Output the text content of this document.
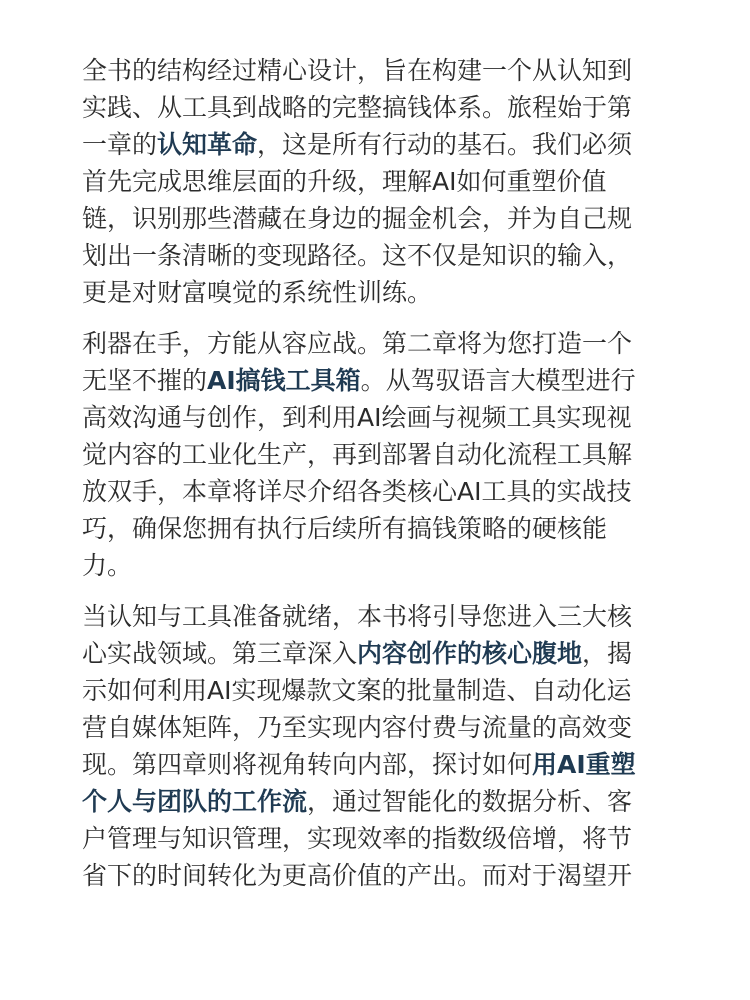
全书的结构经过精心设计，旨在构建一个从认知到
实践、从工具到战略的完整搞钱体系。旅程始于第
一章的认知革命，这是所有行动的基石。我们必须
首先完成思维层面的升级，理解AI如何重塑价值
链，识别那些潜藏在身边的掘金机会，并为自己规
划出一条清晰的变现路径。这不仅是知识的输入，
更是对财富嗅觉的系统性训练。

利器在手，方能从容应战。第二章将为您打造一个
无坚不摧的AI搞钱工具箱。从驾驭语言大模型进行
高效沟通与创作，到利用AI绘画与视频工具实现视
觉内容的工业化生产，再到部署自动化流程工具解
放双手，本章将详尽介绍各类核心AI工具的实战技
巧，确保您拥有执行后续所有搞钱策略的硬核能
力。

当认知与工具准备就绪，本书将引导您进入三大核
心实战领域。第三章深入内容创作的核心腹地，揭
示如何利用AI实现爆款文案的批量制造、自动化运
营自媒体矩阵，乃至实现内容付费与流量的高效变
现。第四章则将视角转向内部，探讨如何用AI重塑
个人与团队的工作流，通过智能化的数据分析、客
户管理与知识管理，实现效率的指数级倍增，将节
省下的时间转化为更高价值的产出。而对于渴望开
